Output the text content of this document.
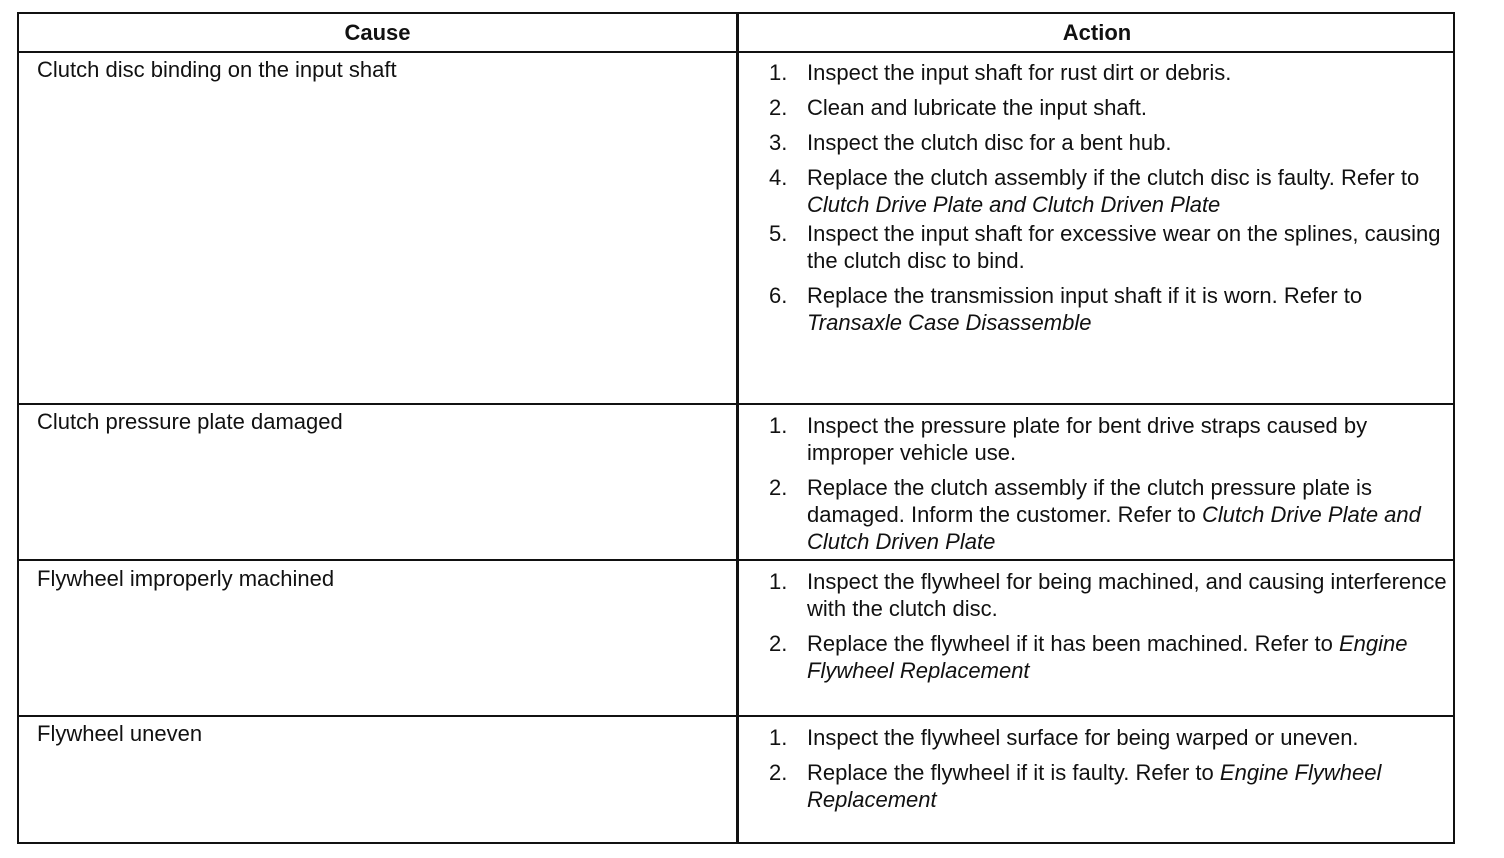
Cause	Action
Clutch disc binding on the input shaft	1. Inspect the input shaft for rust dirt or debris.
2. Clean and lubricate the input shaft.
3. Inspect the clutch disc for a bent hub.
4. Replace the clutch assembly if the clutch disc is faulty. Refer to Clutch Drive Plate and Clutch Driven Plate
5. Inspect the input shaft for excessive wear on the splines, causing the clutch disc to bind.
6. Replace the transmission input shaft if it is worn. Refer to Transaxle Case Disassemble
Clutch pressure plate damaged	1. Inspect the pressure plate for bent drive straps caused by improper vehicle use.
2. Replace the clutch assembly if the clutch pressure plate is damaged. Inform the customer. Refer to Clutch Drive Plate and Clutch Driven Plate
Flywheel improperly machined	1. Inspect the flywheel for being machined, and causing interference with the clutch disc.
2. Replace the flywheel if it has been machined. Refer to Engine Flywheel Replacement
Flywheel uneven	1. Inspect the flywheel surface for being warped or uneven.
2. Replace the flywheel if it is faulty. Refer to Engine Flywheel Replacement
